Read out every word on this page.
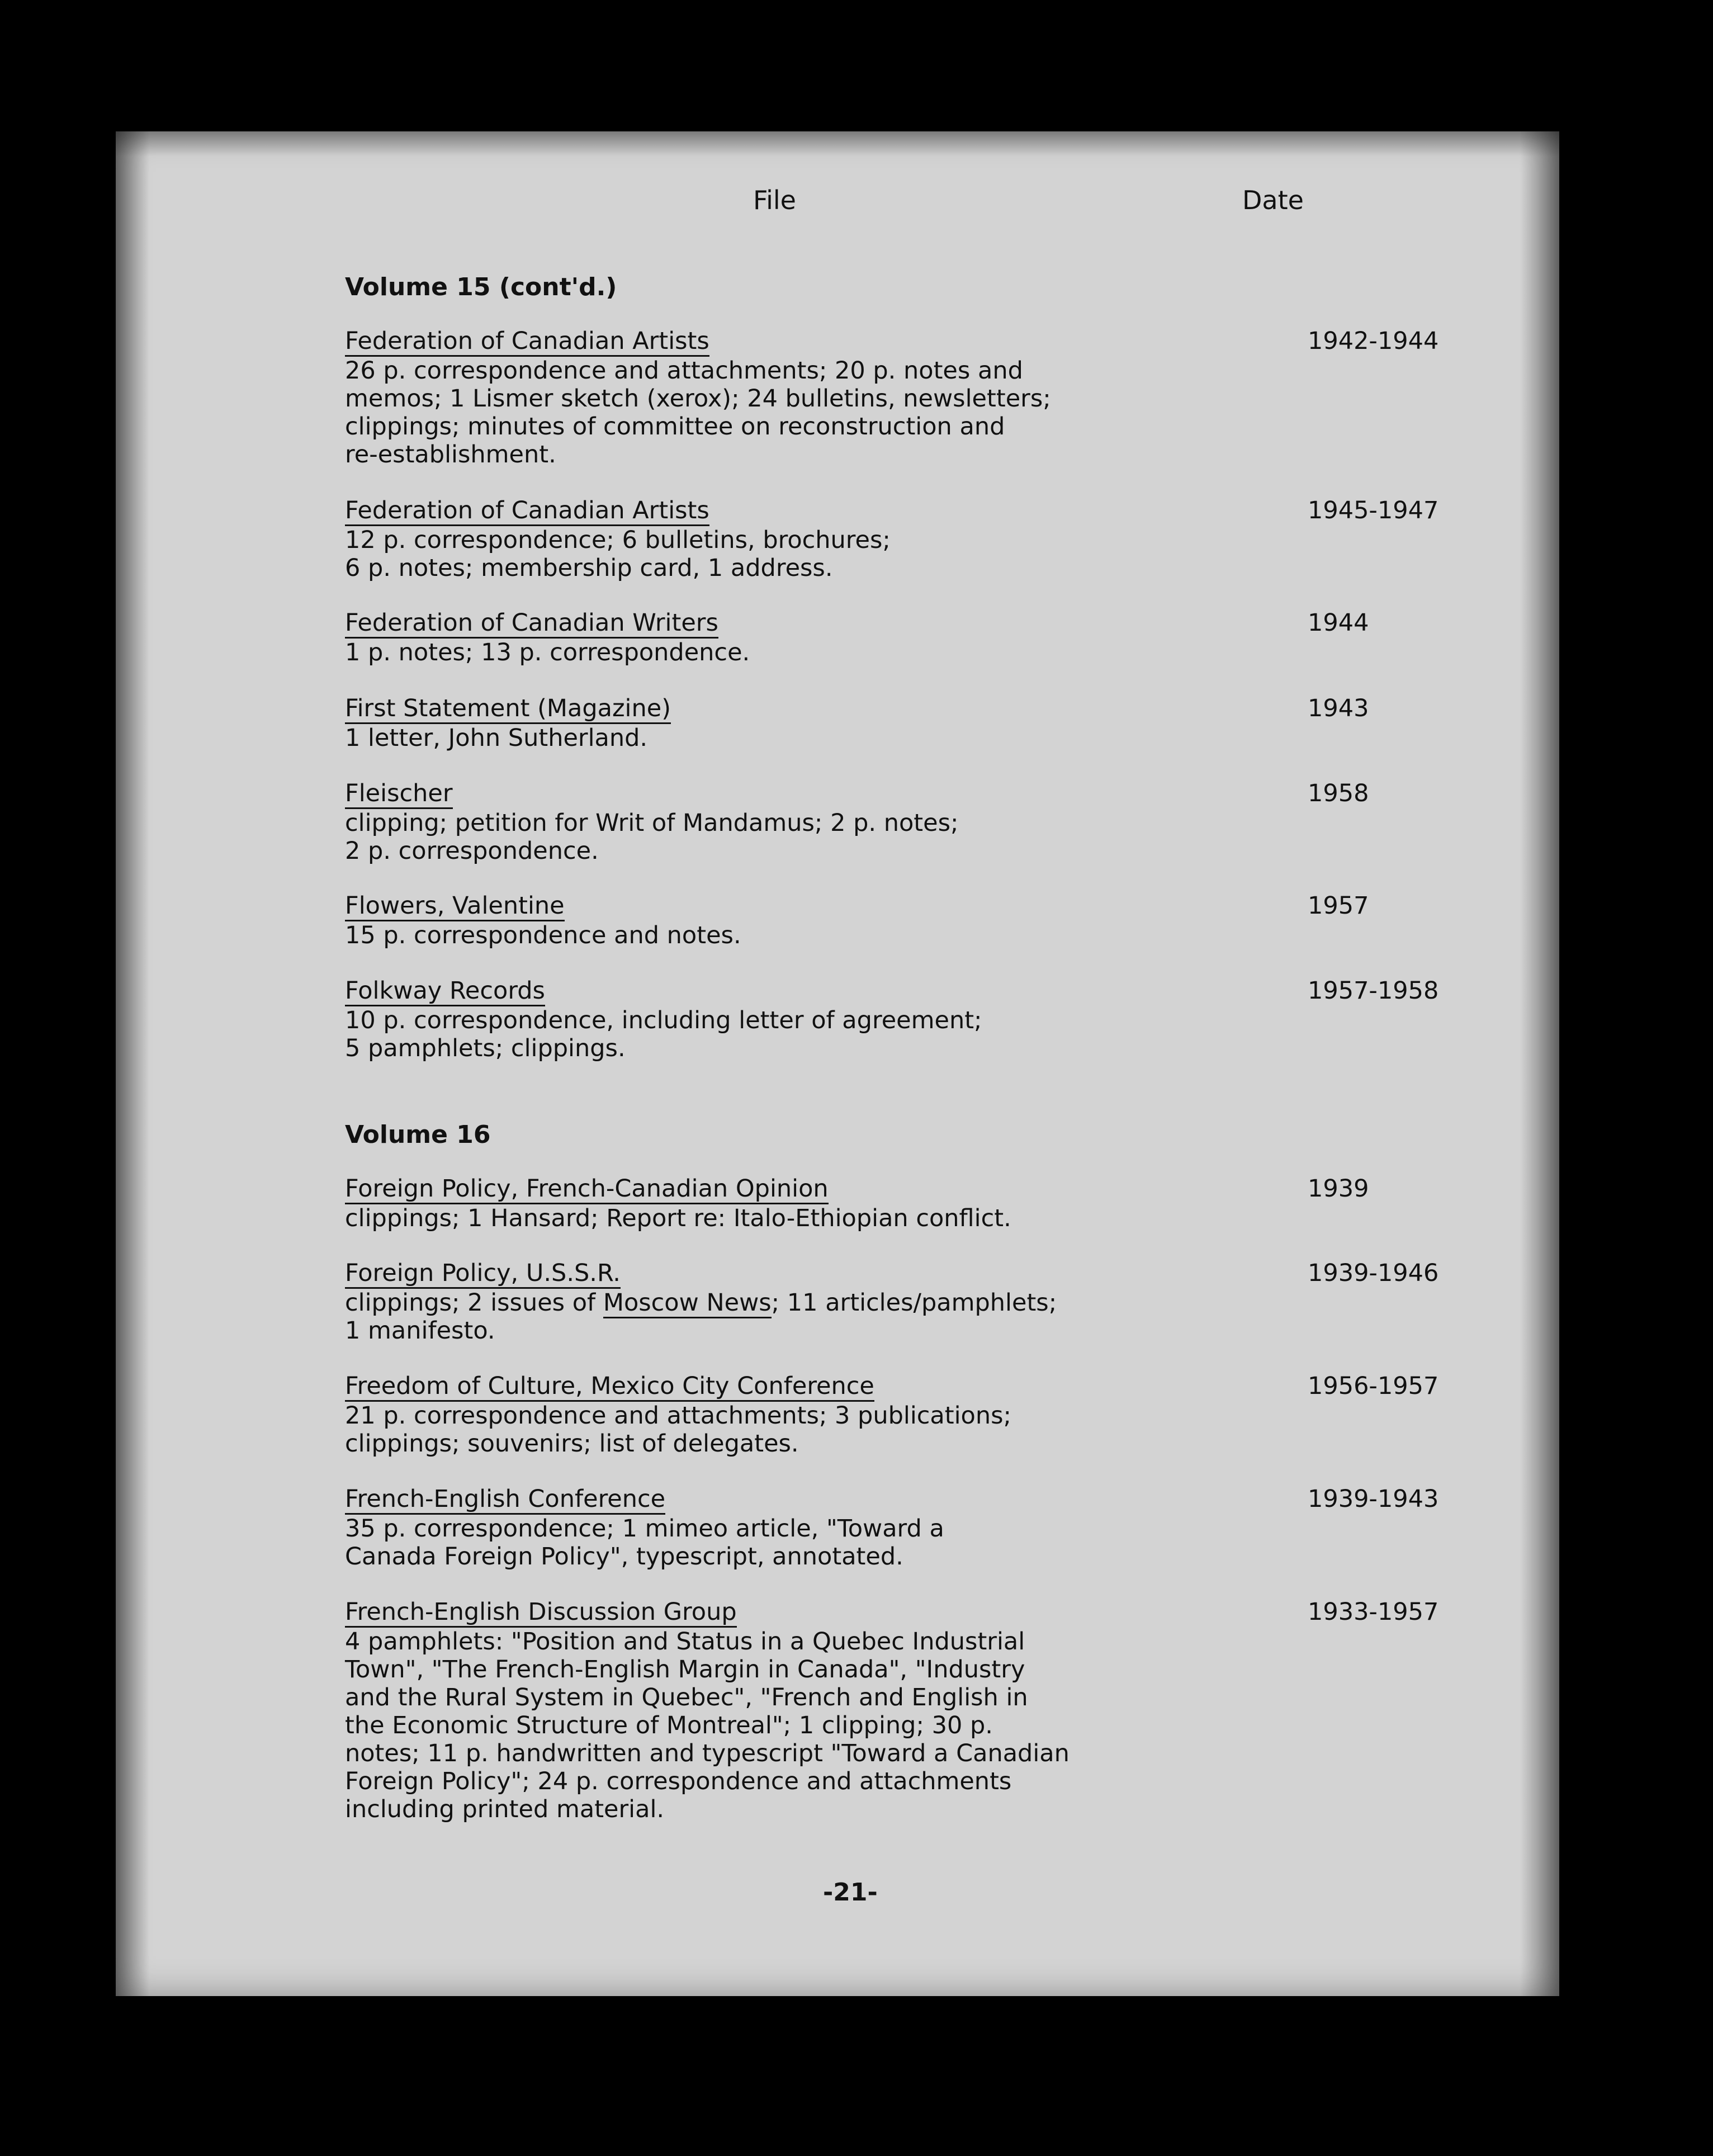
File	Date
Volume 15 (cont'd.)
Federation of Canadian Artists
26 p. correspondence and attachments; 20 p. notes and
memos; 1 Lismer sketch (xerox); 24 bulletins, newsletters;
clippings; minutes of committee on reconstruction and
re-establishment.
1942-1944
Federation of Canadian Artists
12 p. correspondence; 6 bulletins, brochures;
6 p. notes; membership card, 1 address.
1945-1947
Federation of Canadian Writers
1 p. notes; 13 p. correspondence.
1944
First Statement (Magazine)
1 letter, John Sutherland.
1943
Fleischer
clipping; petition for Writ of Mandamus; 2 p. notes;
2 p. correspondence.
1958
Flowers, Valentine
15 p. correspondence and notes.
1957
Folkway Records
10 p. correspondence, including letter of agreement;
5 pamphlets; clippings.
1957-1958
Volume 16
Foreign Policy, French-Canadian Opinion
clippings; 1 Hansard; Report re: Italo-Ethiopian conflict.
1939
Foreign Policy, U.S.S.R.
clippings; 2 issues of Moscow News; 11 articles/pamphlets;
1 manifesto.
1939-1946
Freedom of Culture, Mexico City Conference
21 p. correspondence and attachments; 3 publications;
clippings; souvenirs; list of delegates.
1956-1957
French-English Conference
35 p. correspondence; 1 mimeo article, "Toward a
Canada Foreign Policy", typescript, annotated.
1939-1943
French-English Discussion Group
4 pamphlets: "Position and Status in a Quebec Industrial
Town", "The French-English Margin in Canada", "Industry
and the Rural System in Quebec", "French and English in
the Economic Structure of Montreal"; 1 clipping; 30 p.
notes; 11 p. handwritten and typescript "Toward a Canadian
Foreign Policy"; 24 p. correspondence and attachments
including printed material.
1933-1957
-21-
